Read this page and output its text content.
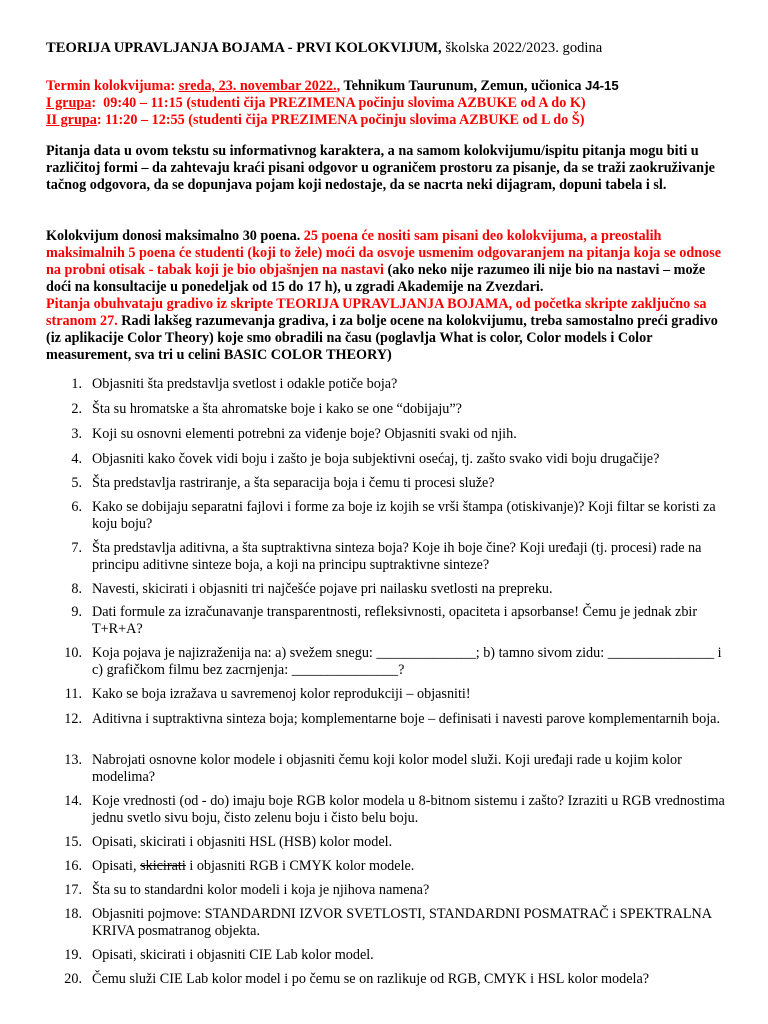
TEORIJA UPRAVLJANJA BOJAMA - PRVI KOLOKVIJUM, školska 2022/2023. godina
Termin kolokvijuma: sreda, 23. novembar 2022., Tehnikum Taurunum, Zemun, učionica J4-15
I grupa:  09:40 – 11:15 (studenti čija PREZIMENA počinju slovima AZBUKE od A do K)
II grupa: 11:20 – 12:55 (studenti čija PREZIMENA počinju slovima AZBUKE od L do Š)
Pitanja data u ovom tekstu su informativnog karaktera, a na samom kolokvijumu/ispitu pitanja mogu biti u različitoj formi – da zahtevaju kraći pisani odgovor u ograničem prostoru za pisanje, da se traži zaokruživanje tačnog odgovora, da se dopunjava pojam koji nedostaje, da se nacrta neki dijagram, dopuni tabela i sl.
Kolokvijum donosi maksimalno 30 poena. 25 poena će nositi sam pisani deo kolokvijuma, a preostalih maksimalnih 5 poena će studenti (koji to žele) moći da osvoje usmenim odgovaranjem na pitanja koja se odnose na probni otisak - tabak koji je bio objašnjen na nastavi (ako neko nije razumeo ili nije bio na nastavi – može doći na konsultacije u ponedeljak od 15 do 17 h), u zgradi Akademije na Zvezdari.
Pitanja obuhvataju gradivo iz skripte TEORIJA UPRAVLJANJA BOJAMA, od početka skripte zaključno sa stranom 27. Radi lakšeg razumevanja gradiva, i za bolje ocene na kolokvijumu, treba samostalno preći gradivo (iz aplikacije Color Theory) koje smo obradili na času (poglavlja What is color, Color models i Color measurement, sva tri u celini BASIC COLOR THEORY)
1. Objasniti šta predstavlja svetlost i odakle potiče boja?
2. Šta su hromatske a šta ahromatske boje i kako se one “dobijaju”?
3. Koji su osnovni elementi potrebni za viđenje boje? Objasniti svaki od njih.
4. Objasniti kako čovek vidi boju i zašto je boja subjektivni osećaj, tj. zašto svako vidi boju drugačije?
5. Šta predstavlja rastriranje, a šta separacija boja i čemu ti procesi služe?
6. Kako se dobijaju separatni fajlovi i forme za boje iz kojih se vrši štampa (otiskivanje)? Koji filtar se koristi za koju boju?
7. Šta predstavlja aditivna, a šta suptraktivna sinteza boja? Koje ih boje čine? Koji uređaji (tj. procesi) rade na principu aditivne sinteze boja, a koji na principu suptraktivne sinteze?
8. Navesti, skicirati i objasniti tri najčešće pojave pri nailasku svetlosti na prepreku.
9. Dati formule za izračunavanje transparentnosti, refleksivnosti, opaciteta i apsorbanse! Čemu je jednak zbir T+R+A?
10. Koja pojava je najizraženija na: a) svežem snegu: ______________; b) tamno sivom zidu: _______________ i c) grafičkom filmu bez zacrnjenja: _______________?
11. Kako se boja izražava u savremenoj kolor reprodukciji – objasniti!
12. Aditivna i suptraktivna sinteza boja; komplementarne boje – definisati i navesti parove komplementarnih boja.
13. Nabrojati osnovne kolor modele i objasniti čemu koji kolor model služi. Koji uređaji rade u kojim kolor modelima?
14. Koje vrednosti (od - do) imaju boje RGB kolor modela u 8-bitnom sistemu i zašto? Izraziti u RGB vrednostima jednu svetlo sivu boju, čisto zelenu boju i čisto belu boju.
15. Opisati, skicirati i objasniti HSL (HSB) kolor model.
16. Opisati, skicirati i objasniti RGB i CMYK kolor modele.
17. Šta su to standardni kolor modeli i koja je njihova namena?
18. Objasniti pojmove: STANDARDNI IZVOR SVETLOSTI, STANDARDNI POSMATRAČ i SPEKTRALNA KRIVA posmatranog objekta.
19. Opisati, skicirati i objasniti CIE Lab kolor model.
20. Čemu služi CIE Lab kolor model i po čemu se on razlikuje od RGB, CMYK i HSL kolor modela?
